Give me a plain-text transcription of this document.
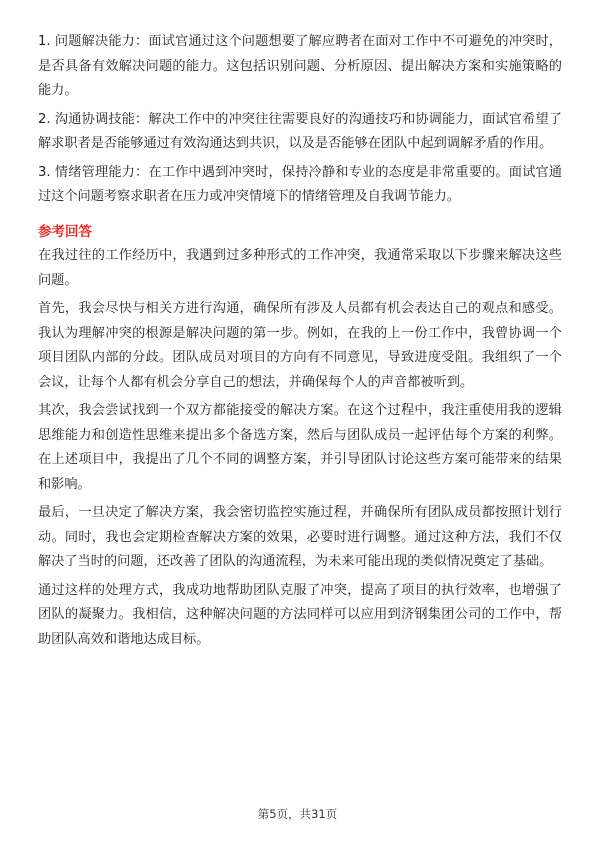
1. 问题解决能力：面试官通过这个问题想要了解应聘者在面对工作中不可避免的冲突时，是否具备有效解决问题的能力。这包括识别问题、分析原因、提出解决方案和实施策略的能力。

2. 沟通协调技能：解决工作中的冲突往往需要良好的沟通技巧和协调能力，面试官希望了解求职者是否能够通过有效沟通达到共识，以及是否能够在团队中起到调解矛盾的作用。

3. 情绪管理能力：在工作中遇到冲突时，保持冷静和专业的态度是非常重要的。面试官通过这个问题考察求职者在压力或冲突情境下的情绪管理及自我调节能力。

参考回答

在我过往的工作经历中，我遇到过多种形式的工作冲突，我通常采取以下步骤来解决这些问题。

首先，我会尽快与相关方进行沟通，确保所有涉及人员都有机会表达自己的观点和感受。我认为理解冲突的根源是解决问题的第一步。例如，在我的上一份工作中，我曾协调一个项目团队内部的分歧。团队成员对项目的方向有不同意见，导致进度受阻。我组织了一个会议，让每个人都有机会分享自己的想法，并确保每个人的声音都被听到。

其次，我会尝试找到一个双方都能接受的解决方案。在这个过程中，我注重使用我的逻辑思维能力和创造性思维来提出多个备选方案，然后与团队成员一起评估每个方案的利弊。在上述项目中，我提出了几个不同的调整方案，并引导团队讨论这些方案可能带来的结果和影响。

最后，一旦决定了解决方案，我会密切监控实施过程，并确保所有团队成员都按照计划行动。同时，我也会定期检查解决方案的效果，必要时进行调整。通过这种方法，我们不仅解决了当时的问题，还改善了团队的沟通流程，为未来可能出现的类似情况奠定了基础。

通过这样的处理方式，我成功地帮助团队克服了冲突，提高了项目的执行效率，也增强了团队的凝聚力。我相信，这种解决问题的方法同样可以应用到济钢集团公司的工作中，帮助团队高效和谐地达成目标。

第5页，共31页
